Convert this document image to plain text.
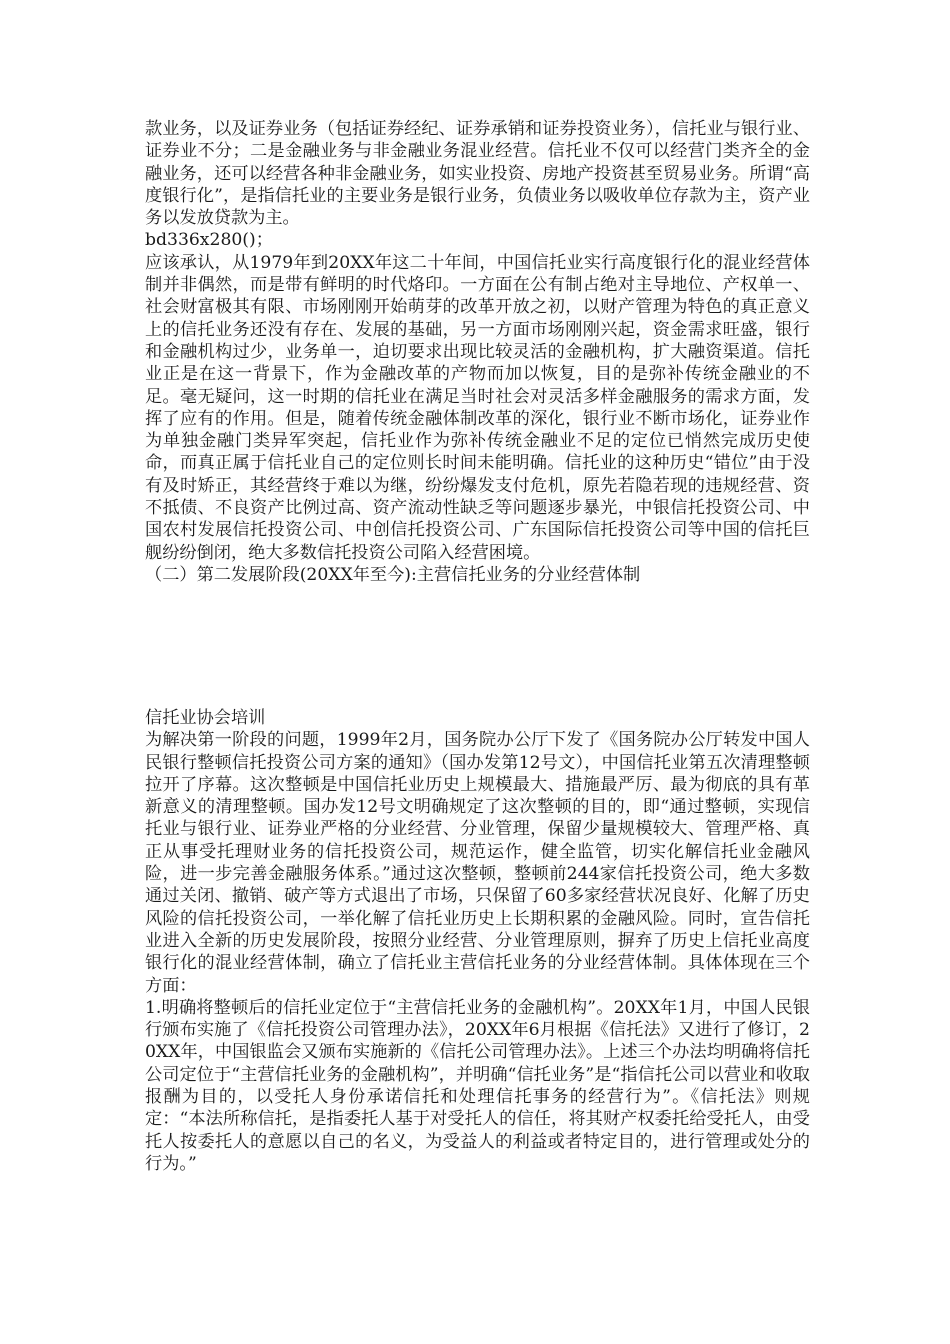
款业务，以及证券业务（包括证券经纪、证券承销和证券投资业务），信托业与银行业、证券业不分；二是金融业务与非金融业务混业经营。信托业不仅可以经营门类齐全的金融业务，还可以经营各种非金融业务，如实业投资、房地产投资甚至贸易业务。所谓“高度银行化”，是指信托业的主要业务是银行业务，负债业务以吸收单位存款为主，资产业务以发放贷款为主。

bd336x280()；

应该承认，从1979年到20XX年这二十年间，中国信托业实行高度银行化的混业经营体制并非偶然，而是带有鲜明的时代烙印。一方面在公有制占绝对主导地位、产权单一、社会财富极其有限、市场刚刚开始萌芽的改革开放之初，以财产管理为特色的真正意义上的信托业务还没有存在、发展的基础，另一方面市场刚刚兴起，资金需求旺盛，银行和金融机构过少，业务单一，迫切要求出现比较灵活的金融机构，扩大融资渠道。信托业正是在这一背景下，作为金融改革的产物而加以恢复，目的是弥补传统金融业的不足。毫无疑问，这一时期的信托业在满足当时社会对灵活多样金融服务的需求方面，发挥了应有的作用。但是，随着传统金融体制改革的深化，银行业不断市场化，证券业作为单独金融门类异军突起，信托业作为弥补传统金融业不足的定位已悄然完成历史使命，而真正属于信托业自己的定位则长时间未能明确。信托业的这种历史“错位”由于没有及时矫正，其经营终于难以为继，纷纷爆发支付危机，原先若隐若现的违规经营、资不抵债、不良资产比例过高、资产流动性缺乏等问题逐步暴光，中银信托投资公司、中国农村发展信托投资公司、中创信托投资公司、广东国际信托投资公司等中国的信托巨舰纷纷倒闭，绝大多数信托投资公司陷入经营困境。

（二）第二发展阶段(20XX年至今):主营信托业务的分业经营体制

信托业协会培训

为解决第一阶段的问题，1999年2月，国务院办公厅下发了《国务院办公厅转发中国人民银行整顿信托投资公司方案的通知》（国办发第12号文），中国信托业第五次清理整顿拉开了序幕。这次整顿是中国信托业历史上规模最大、措施最严厉、最为彻底的具有革新意义的清理整顿。国办发12号文明确规定了这次整顿的目的，即“通过整顿，实现信托业与银行业、证券业严格的分业经营、分业管理，保留少量规模较大、管理严格、真正从事受托理财业务的信托投资公司，规范运作，健全监管，切实化解信托业金融风险，进一步完善金融服务体系。”通过这次整顿，整顿前244家信托投资公司，绝大多数通过关闭、撤销、破产等方式退出了市场，只保留了60多家经营状况良好、化解了历史风险的信托投资公司，一举化解了信托业历史上长期积累的金融风险。同时，宣告信托业进入全新的历史发展阶段，按照分业经营、分业管理原则，摒弃了历史上信托业高度银行化的混业经营体制，确立了信托业主营信托业务的分业经营体制。具体体现在三个方面：

1.明确将整顿后的信托业定位于“主营信托业务的金融机构”。20XX年1月，中国人民银行颁布实施了《信托投资公司管理办法》，20XX年6月根据《信托法》又进行了修订，20XX年，中国银监会又颁布实施新的《信托公司管理办法》。上述三个办法均明确将信托公司定位于“主营信托业务的金融机构”，并明确“信托业务”是“指信托公司以营业和收取报酬为目的，以受托人身份承诺信托和处理信托事务的经营行为”。《信托法》则规定：“本法所称信托，是指委托人基于对受托人的信任，将其财产权委托给受托人，由受托人按委托人的意愿以自己的名义，为受益人的利益或者特定目的，进行管理或处分的行为。”
